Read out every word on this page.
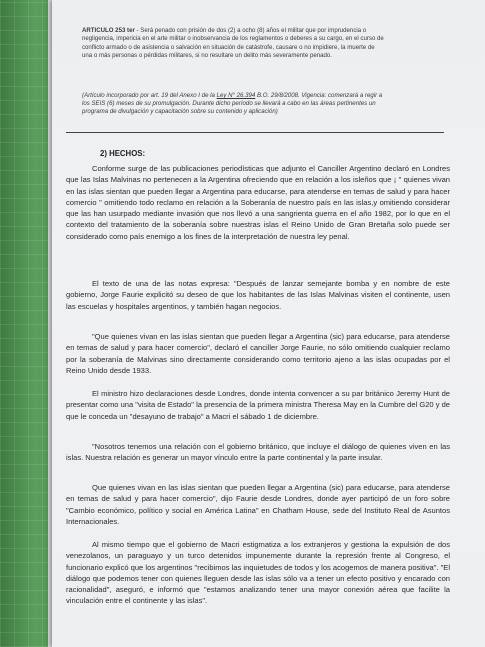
ARTICULO 253 ter - Será penado con prisión de dos (2) a ocho (8) años el militar que por imprudencia o negligencia, impericia en el arte militar o inobservancia de los reglamentos o deberes a su cargo, en el curso de conflicto armado o de asistencia o salvación en situación de catástrofe, causare o no impidiere, la muerte de una o más personas o pérdidas militares, si no resultare un delito más severamente penado.
(Artículo incorporado por art. 19 del Anexo I de la Ley N° 26.394 B.O. 29/8/2008. Vigencia: comenzará a regir a los SEIS (6) meses de su promulgación. Durante dicho período se llevará a cabo en las áreas pertinentes un programa de divulgación y capacitación sobre su contenido y aplicación)
2) HECHOS:

Conforme surge de las publicaciones periodísticas que adjunto el Canciller Argentino declaró en Londres que las Islas Malvinas no pertenecen a la Argentina ofreciendo que en relación a los isleños que ¡ " quienes vivan en las islas sientan que pueden llegar a Argentina para educarse, para atenderse en temas de salud y para hacer comercio " omitiendo todo reclamo en relación a la Soberanía de nuestro país en las islas,y omitiendo considerar que las han usurpado mediante invasión que nos llevó a una sangrienta guerra en el año 1982, por lo que en el contexto del tratamiento de la soberanía sobre nuestras islas el Reino Unido de Gran Bretaña solo puede ser considerado como país enemigo a los fines de la interpretación de nuestra ley penal.

El texto de una de las notas expresa: "Después de lanzar semejante bomba y en nombre de este gobierno, Jorge Faurie explicitó su deseo de que los habitantes de las Islas Malvinas visiten el continente, usen las escuelas y hospitales argentinos, y también hagan negocios.

"Que quienes vivan en las islas sientan que pueden llegar a Argentina (sic) para educarse, para atenderse en temas de salud y para hacer comercio", declaró el canciller Jorge Faurie, no sólo omitiendo cualquier reclamo por la soberanía de Malvinas sino directamente considerando como territorio ajeno a las islas ocupadas por el Reino Unido desde 1933.

El ministro hizo declaraciones desde Londres, donde intenta convencer a su par británico Jeremy Hunt de presentar como una "visita de Estado" la presencia de la primera ministra Theresa May en la Cumbre del G20 y de que le conceda un "desayuno de trabajo" a Macri el sábado 1 de diciembre.

"Nosotros tenemos una relación con el gobierno británico, que incluye el diálogo de quienes viven en las islas. Nuestra relación es generar un mayor vínculo entre la parte continental y la parte insular.

Que quienes vivan en las islas sientan que pueden llegar a Argentina (sic) para educarse, para atenderse en temas de salud y para hacer comercio", dijo Faurie desde Londres, donde ayer participó de un foro sobre "Cambio económico, político y social en América Latina" en Chatham House, sede del Instituto Real de Asuntos Internacionales.

Al mismo tiempo que el gobierno de Macri estigmatiza a los extranjeros y gestiona la expulsión de dos venezolanos, un paraguayo y un turco detenidos impunemente durante la represión frente al Congreso, el funcionario explicó que los argentinos "recibimos las inquietudes de todos y los acogemos de manera positiva". "El diálogo que podemos tener con quienes lleguen desde las islas sólo va a tener un efecto positivo y encarado con racionalidad", aseguró, e informó que "estamos analizando tener una mayor conexión aérea que facilite la vinculación entre el continente y las islas".
